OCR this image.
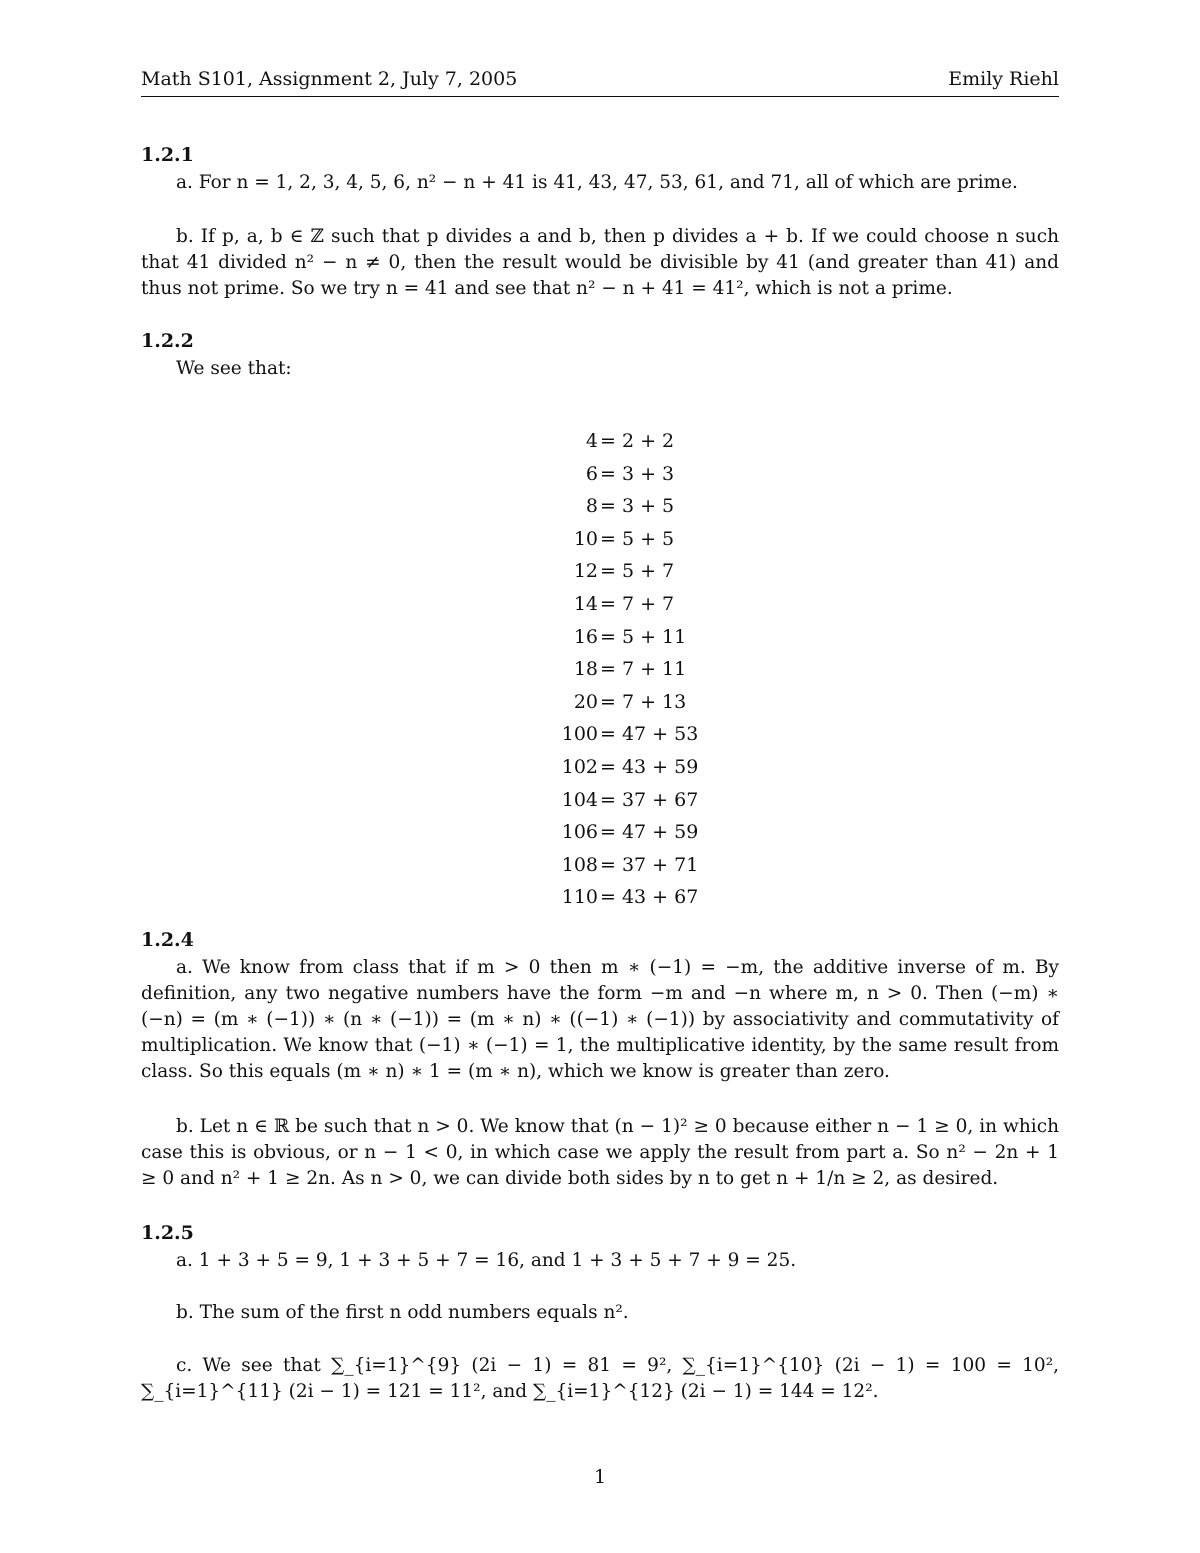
Math S101, Assignment 2, July 7, 2005	Emily Riehl
1.2.1
a. For n = 1, 2, 3, 4, 5, 6, n² − n + 41 is 41, 43, 47, 53, 61, and 71, all of which are prime.
b. If p, a, b ∈ ℤ such that p divides a and b, then p divides a + b. If we could choose n such that 41 divided n² − n ≠ 0, then the result would be divisible by 41 (and greater than 41) and thus not prime. So we try n = 41 and see that n² − n + 41 = 41², which is not a prime.
1.2.2
We see that:
4 = 2 + 2
6 = 3 + 3
8 = 3 + 5
10 = 5 + 5
12 = 5 + 7
14 = 7 + 7
16 = 5 + 11
18 = 7 + 11
20 = 7 + 13
100 = 47 + 53
102 = 43 + 59
104 = 37 + 67
106 = 47 + 59
108 = 37 + 71
110 = 43 + 67
1.2.4
a. We know from class that if m > 0 then m ∗ (−1) = −m, the additive inverse of m. By definition, any two negative numbers have the form −m and −n where m, n > 0. Then (−m) ∗ (−n) = (m ∗ (−1)) ∗ (n ∗ (−1)) = (m ∗ n) ∗ ((−1) ∗ (−1)) by associativity and commutativity of multiplication. We know that (−1) ∗ (−1) = 1, the multiplicative identity, by the same result from class. So this equals (m ∗ n) ∗ 1 = (m ∗ n), which we know is greater than zero.
b. Let n ∈ ℝ be such that n > 0. We know that (n − 1)² ≥ 0 because either n − 1 ≥ 0, in which case this is obvious, or n − 1 < 0, in which case we apply the result from part a. So n² − 2n + 1 ≥ 0 and n² + 1 ≥ 2n. As n > 0, we can divide both sides by n to get n + 1/n ≥ 2, as desired.
1.2.5
a. 1 + 3 + 5 = 9, 1 + 3 + 5 + 7 = 16, and 1 + 3 + 5 + 7 + 9 = 25.
b. The sum of the first n odd numbers equals n².
c. We see that ∑_{i=1}^{9} (2i − 1) = 81 = 9², ∑_{i=1}^{10} (2i − 1) = 100 = 10², ∑_{i=1}^{11} (2i − 1) = 121 = 11², and ∑_{i=1}^{12} (2i − 1) = 144 = 12².
1
